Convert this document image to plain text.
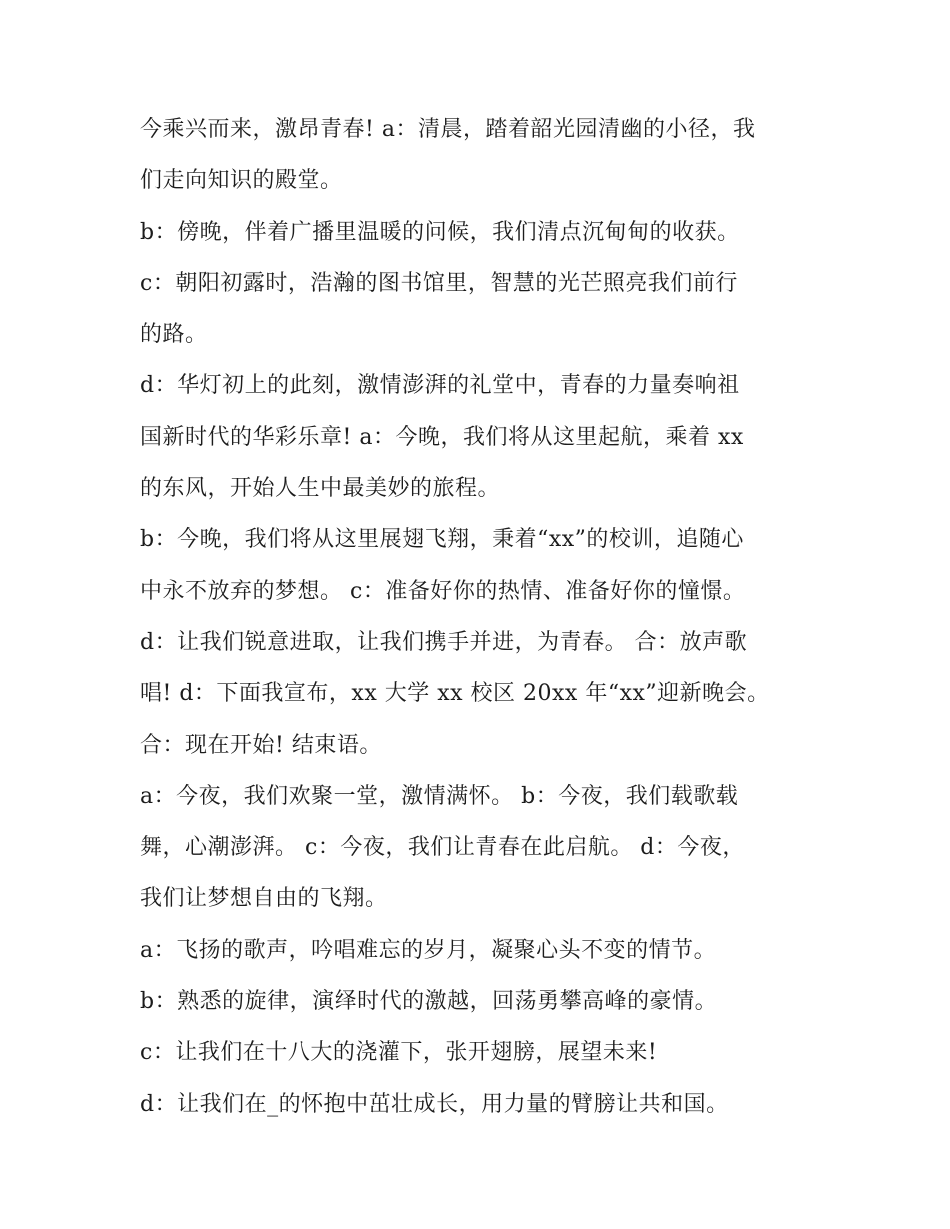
今乘兴而来，激昂青春! a：清晨，踏着韶光园清幽的小径，我
们走向知识的殿堂。
b：傍晚，伴着广播里温暖的问候，我们清点沉甸甸的收获。
c：朝阳初露时，浩瀚的图书馆里，智慧的光芒照亮我们前行
的路。
d：华灯初上的此刻，激情澎湃的礼堂中，青春的力量奏响祖
国新时代的华彩乐章! a：今晚，我们将从这里起航，乘着 xx
的东风，开始人生中最美妙的旅程。
b：今晚，我们将从这里展翅飞翔，秉着“xx”的校训，追随心
中永不放弃的梦想。 c：准备好你的热情、准备好你的憧憬。
d：让我们锐意进取，让我们携手并进，为青春。 合：放声歌
唱! d：下面我宣布，xx 大学 xx 校区 20xx 年“xx”迎新晚会。
合：现在开始! 结束语。
a：今夜，我们欢聚一堂，激情满怀。 b：今夜，我们载歌载
舞，心潮澎湃。 c：今夜，我们让青春在此启航。 d：今夜，
我们让梦想自由的飞翔。
a：飞扬的歌声，吟唱难忘的岁月，凝聚心头不变的情节。
b：熟悉的旋律，演绎时代的激越，回荡勇攀高峰的豪情。
c：让我们在十八大的浇灌下，张开翅膀，展望未来!
d：让我们在_的怀抱中茁壮成长，用力量的臂膀让共和国。
